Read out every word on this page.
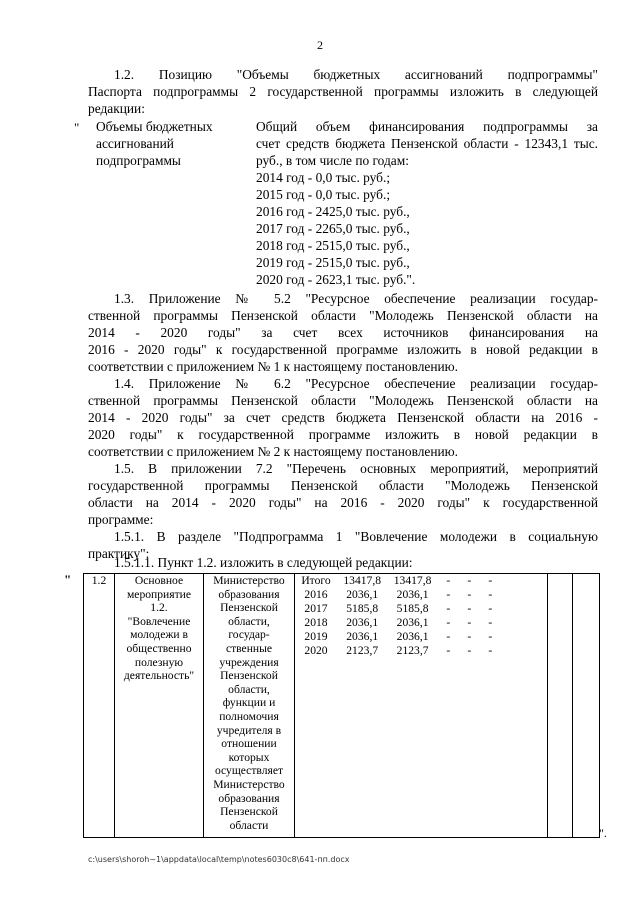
2
1.2. Позицию "Объемы бюджетных ассигнований подпрограммы"
Паспорта подпрограммы 2 государственной программы изложить в следующей
редакции:
" Объемы бюджетных ассигнований подпрограммы
Общий объем финансирования подпрограммы за
счет средств бюджета Пензенской области - 12343,1 тыс.
руб., в том числе по годам:
2014 год - 0,0 тыс. руб.;
2015 год - 0,0 тыс. руб.;
2016 год - 2425,0 тыс. руб.,
2017 год - 2265,0 тыс. руб.,
2018 год - 2515,0 тыс. руб.,
2019 год - 2515,0 тыс. руб.,
2020 год - 2623,1 тыс. руб.".
1.3. Приложение № 5.2 "Ресурсное обеспечение реализации государ-
ственной программы Пензенской области "Молодежь Пензенской области на
2014 - 2020 годы" за счет всех источников финансирования на
2016 - 2020 годы" к государственной программе изложить в новой редакции в
соответствии с приложением № 1 к настоящему постановлению.
1.4. Приложение № 6.2 "Ресурсное обеспечение реализации государ-
ственной программы Пензенской области "Молодежь Пензенской области на
2014 - 2020 годы" за счет средств бюджета Пензенской области на 2016 -
2020 годы" к государственной программе изложить в новой редакции в
соответствии с приложением № 2 к настоящему постановлению.
1.5. В приложении 7.2 "Перечень основных мероприятий, мероприятий
государственной программы Пензенской области "Молодежь Пензенской
области на 2014 - 2020 годы" на 2016 - 2020 годы" к государственной
программе:
1.5.1. В разделе "Подпрограмма 1 "Вовлечение молодежи в социальную
практику":
1.5.1.1. Пункт 1.2. изложить в следующей редакции:
" 1.2	Основное
мероприятие
1.2.
"Вовлечение
молодежи в
общественно
полезную
деятельность"

Министерство
образования
Пензенской
области,
государ-
ственные
учреждения
Пензенской
области,
функции и
полномочия
учредителя в
отношении
которых
осуществляет
Министерство
образования
Пензенской
области

Итого	13417,8	13417,8	-	-	-	
2016	2036,1	2036,1	-	-	-	
2017	5185,8	5185,8	-	-	-	
2018	2036,1	2036,1	-	-	-	
2019	2036,1	2036,1	-	-	-	
2020	2123,7	2123,7	-	-	-	

".
c:\users\shoroh~1\appdata\local\temp\notes6030c8\641-пп.docx
